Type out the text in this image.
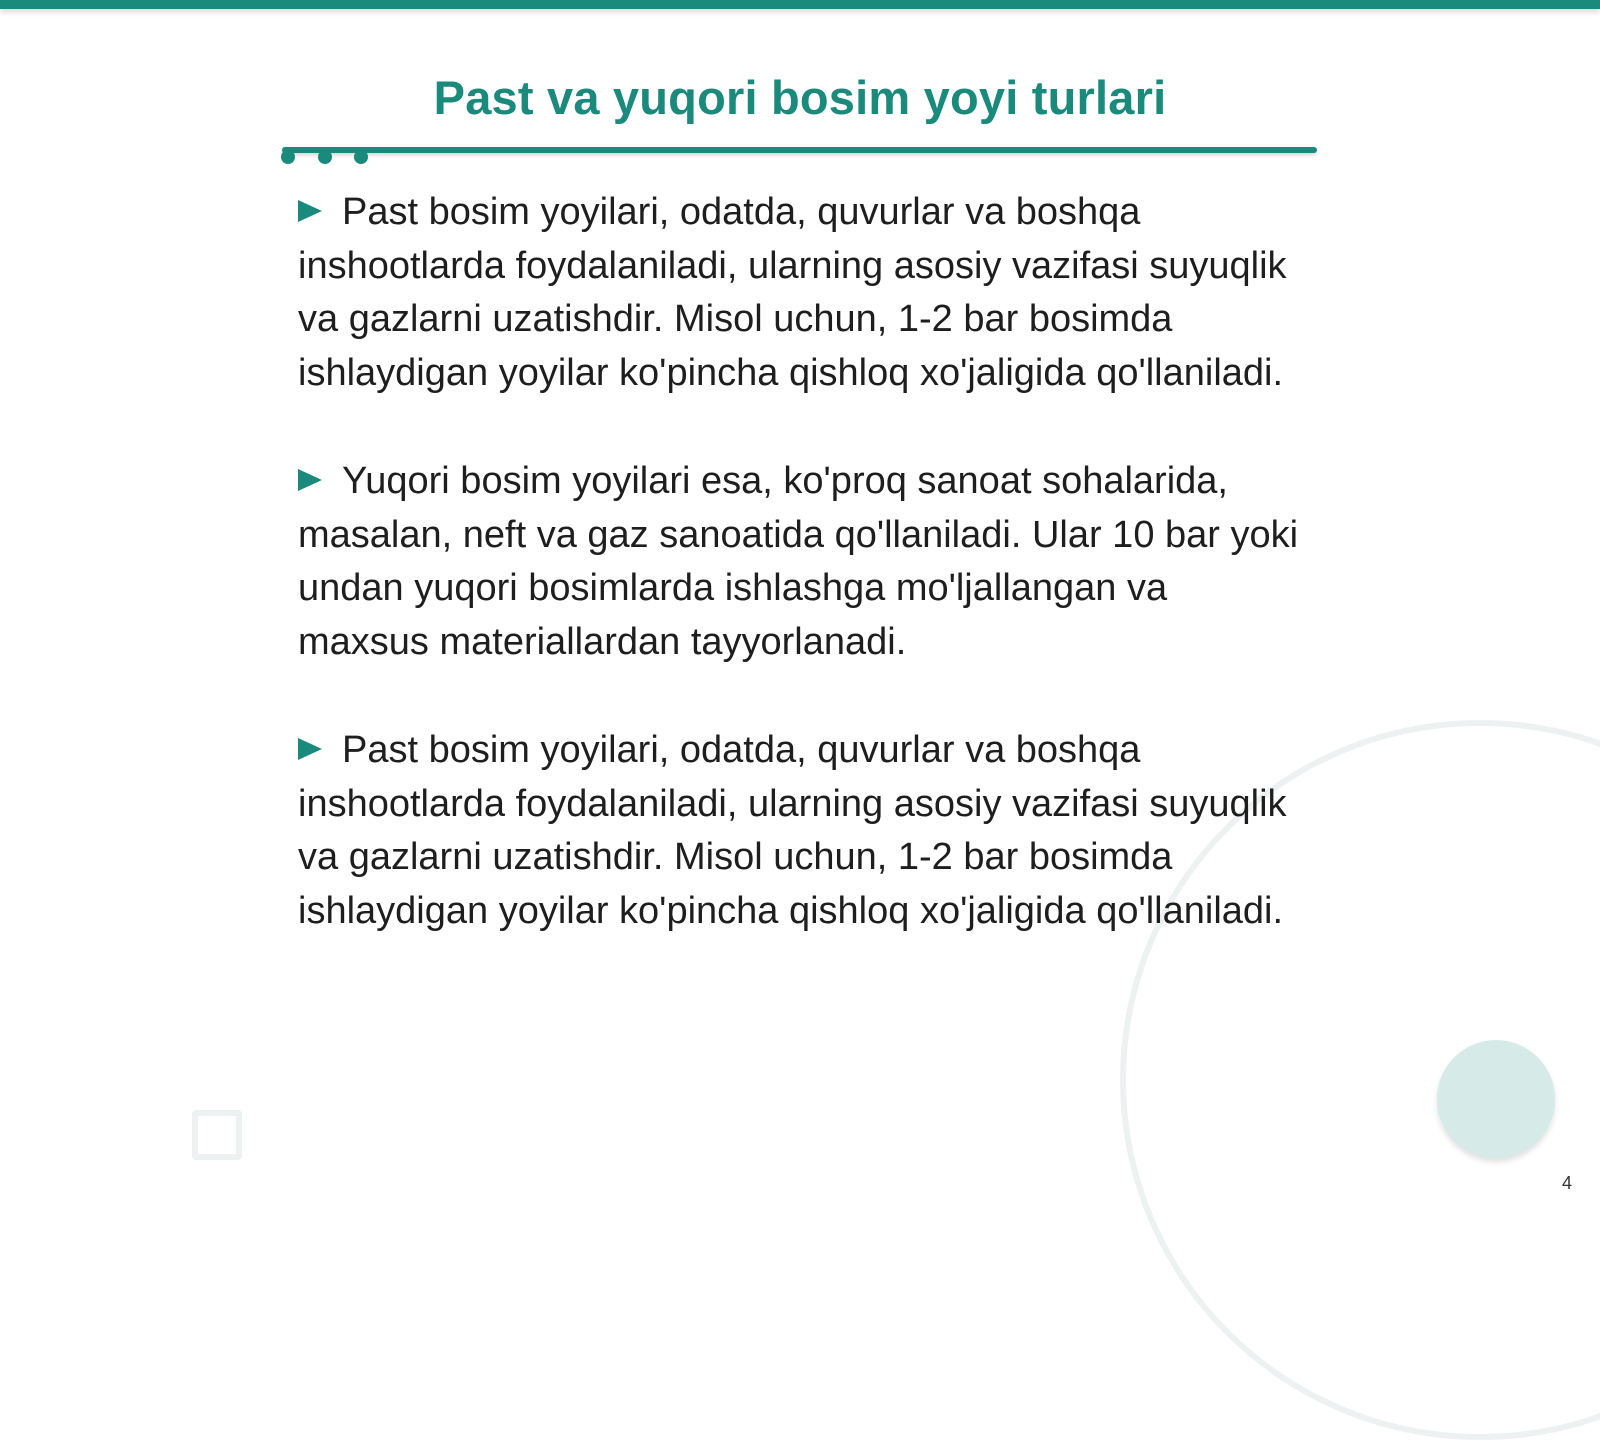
Past va yuqori bosim yoyi turlari

Past bosim yoyilari, odatda, quvurlar va boshqa inshootlarda foydalaniladi, ularning asosiy vazifasi suyuqlik va gazlarni uzatishdir. Misol uchun, 1-2 bar bosimda ishlaydigan yoyilar ko'pincha qishloq xo'jaligida qo'llaniladi.

Yuqori bosim yoyilari esa, ko'proq sanoat sohalarida, masalan, neft va gaz sanoatida qo'llaniladi. Ular 10 bar yoki undan yuqori bosimlarda ishlashga mo'ljallangan va maxsus materiallardan tayyorlanadi.

Past bosim yoyilari, odatda, quvurlar va boshqa inshootlarda foydalaniladi, ularning asosiy vazifasi suyuqlik va gazlarni uzatishdir. Misol uchun, 1-2 bar bosimda ishlaydigan yoyilar ko'pincha qishloq xo'jaligida qo'llaniladi.

4
